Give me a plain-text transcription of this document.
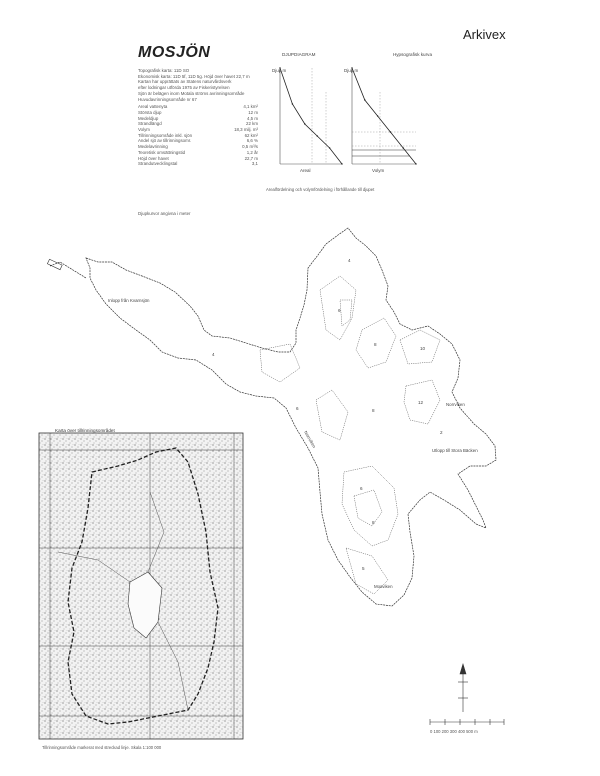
Arkivex
MOSJÖN

Topografisk karta: 11D SO
Ekonomisk karta: 11D 5f, 11D 5g. Höjd över havet 22,7 m
Kartan har upprättats av Statens naturvårdsverk
efter lodningar utförda 1975 av Fiskeristyrelsen
Sjön är belägen inom Motala ströms avrinningsområde
Huvudavrinningsområde nr 67

Areal vattenyta	4,1 km²
Största djup	12 m
Medeldjup	4,5 m
Strandlängd	22 km
Volym	18,3 milj. m³
Tillrinningsområde inkl. sjön	62 km²
Andel sjö av tillrinningsomr.	6,6 %
Medelavrinning	0,5 m³/s
Teoretisk omsättningstid	1,2 år
Höjd över havet	22,7 m
Strandutvecklingstal	3,1
Djupkurvor angivna i meter
DJUPDIAGRAM	Hypsografisk kurva
Djup m	Djup m
Areal	Volym
Arealfördelning och volymfördelning i förhållande till djupet
4
6
8
10
12
8
6
4
2
6
8
5
Inlopp från Kvarnsjön
Norrviken
Utlopp till Stora Bäcken
Mosviken
Norrviken
0 100 200 300 400 500 m
Karta över tillrinningsområdet
Tillrinningsområde markerat med streckad linje. Skala 1:100 000
